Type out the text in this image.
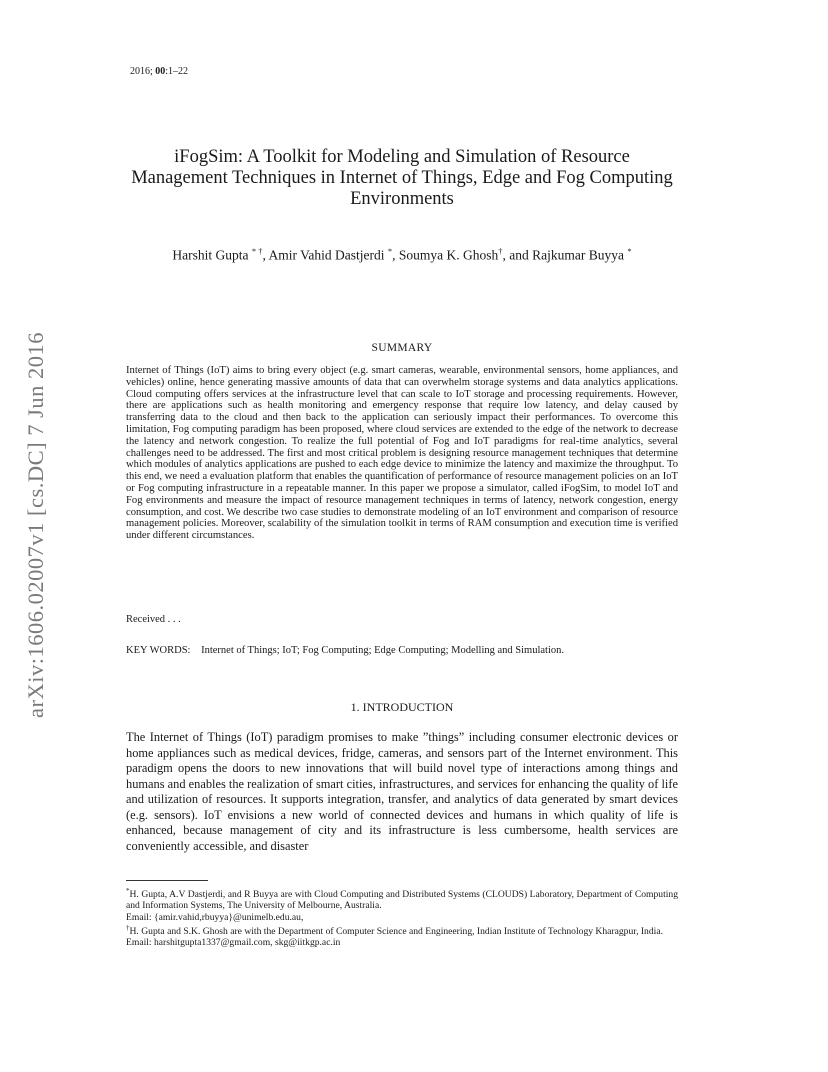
arXiv:1606.02007v1 [cs.DC] 7 Jun 2016
2016; 00:1–22
iFogSim: A Toolkit for Modeling and Simulation of Resource Management Techniques in Internet of Things, Edge and Fog Computing Environments
Harshit Gupta * †, Amir Vahid Dastjerdi *, Soumya K. Ghosh†, and Rajkumar Buyya *
SUMMARY

Internet of Things (IoT) aims to bring every object (e.g. smart cameras, wearable, environmental sensors, home appliances, and vehicles) online, hence generating massive amounts of data that can overwhelm storage systems and data analytics applications. Cloud computing offers services at the infrastructure level that can scale to IoT storage and processing requirements. However, there are applications such as health monitoring and emergency response that require low latency, and delay caused by transferring data to the cloud and then back to the application can seriously impact their performances. To overcome this limitation, Fog computing paradigm has been proposed, where cloud services are extended to the edge of the network to decrease the latency and network congestion. To realize the full potential of Fog and IoT paradigms for real-time analytics, several challenges need to be addressed. The first and most critical problem is designing resource management techniques that determine which modules of analytics applications are pushed to each edge device to minimize the latency and maximize the throughput. To this end, we need a evaluation platform that enables the quantification of performance of resource management policies on an IoT or Fog computing infrastructure in a repeatable manner. In this paper we propose a simulator, called iFogSim, to model IoT and Fog environments and measure the impact of resource management techniques in terms of latency, network congestion, energy consumption, and cost. We describe two case studies to demonstrate modeling of an IoT environment and comparison of resource management policies. Moreover, scalability of the simulation toolkit in terms of RAM consumption and execution time is verified under different circumstances.

Received . . .
KEY WORDS: Internet of Things; IoT; Fog Computing; Edge Computing; Modelling and Simulation.
1. INTRODUCTION

The Internet of Things (IoT) paradigm promises to make ”things” including consumer electronic devices or home appliances such as medical devices, fridge, cameras, and sensors part of the Internet environment. This paradigm opens the doors to new innovations that will build novel type of interactions among things and humans and enables the realization of smart cities, infrastructures, and services for enhancing the quality of life and utilization of resources. It supports integration, transfer, and analytics of data generated by smart devices (e.g. sensors). IoT envisions a new world of connected devices and humans in which quality of life is enhanced, because management of city and its infrastructure is less cumbersome, health services are conveniently accessible, and disaster

*H. Gupta, A.V Dastjerdi, and R Buyya are with Cloud Computing and Distributed Systems (CLOUDS) Laboratory, Department of Computing and Information Systems, The University of Melbourne, Australia.

Email: {amir.vahid,rbuyya}@unimelb.edu.au,

†H. Gupta and S.K. Ghosh are with the Department of Computer Science and Engineering, Indian Institute of Technology Kharagpur, India.

Email: harshitgupta1337@gmail.com, skg@iitkgp.ac.in
